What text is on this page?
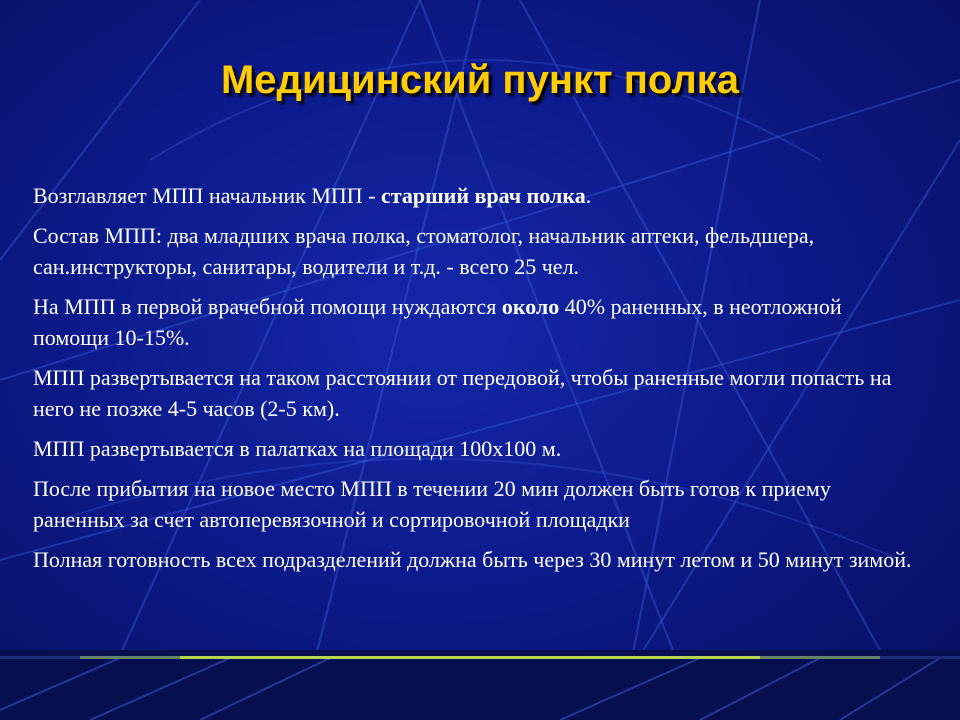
Медицинский пункт полка

Возглавляет МПП начальник МПП - старший врач полка.

Состав МПП: два младших врача полка, стоматолог, начальник аптеки, фельдшера, сан.инструкторы, санитары, водители и т.д. - всего 25 чел.

На МПП в первой врачебной помощи нуждаются около 40% раненных, в неотложной помощи 10-15%.

МПП развертывается на таком расстоянии от передовой, чтобы раненные могли попасть на него не позже 4-5 часов (2-5 км).

МПП развертывается в палатках на площади 100х100 м.

После прибытия на новое место МПП в течении 20 мин должен быть готов к приему раненных за счет автоперевязочной и сортировочной площадки

Полная готовность всех подразделений должна быть через 30 минут летом и 50 минут зимой.
